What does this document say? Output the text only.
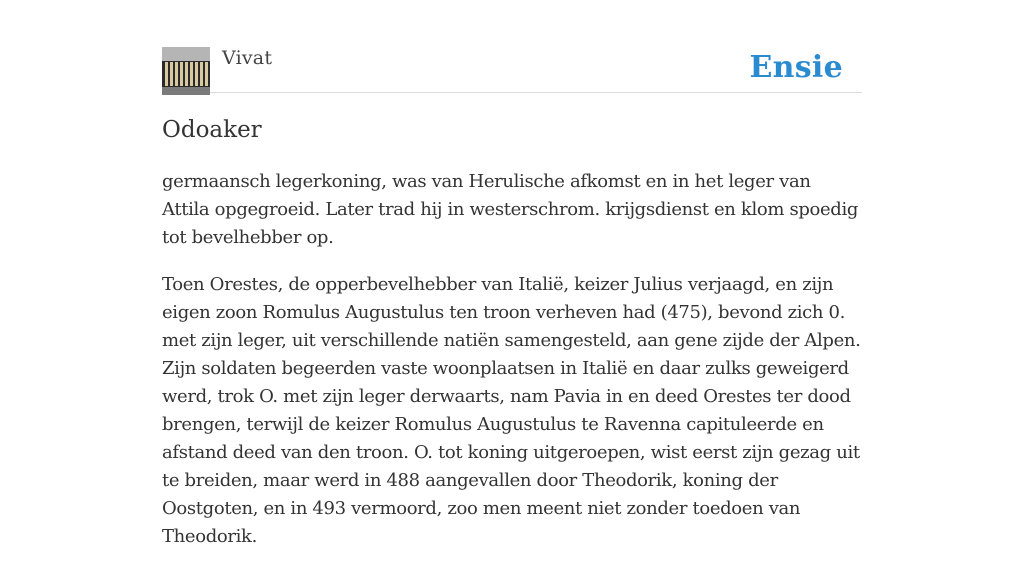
Vivat	Ensie
Odoaker

germaansch legerkoning, was van Herulische afkomst en in het leger van Attila opgegroeid. Later trad hij in westerschrom. krijgsdienst en klom spoedig tot bevelhebber op.

Toen Orestes, de opperbevelhebber van Italië, keizer Julius verjaagd, en zijn eigen zoon Romulus Augustulus ten troon verheven had (475), bevond zich 0. met zijn leger, uit verschillende natiën samengesteld, aan gene zijde der Alpen. Zijn soldaten begeerden vaste woonplaatsen in Italië en daar zulks geweigerd werd, trok O. met zijn leger derwaarts, nam Pavia in en deed Orestes ter dood brengen, terwijl de keizer Romulus Augustulus te Ravenna capituleerde en afstand deed van den troon. O. tot koning uitgeroepen, wist eerst zijn gezag uit te breiden, maar werd in 488 aangevallen door Theodorik, koning der Oostgoten, en in 493 vermoord, zoo men meent niet zonder toedoen van Theodorik.
